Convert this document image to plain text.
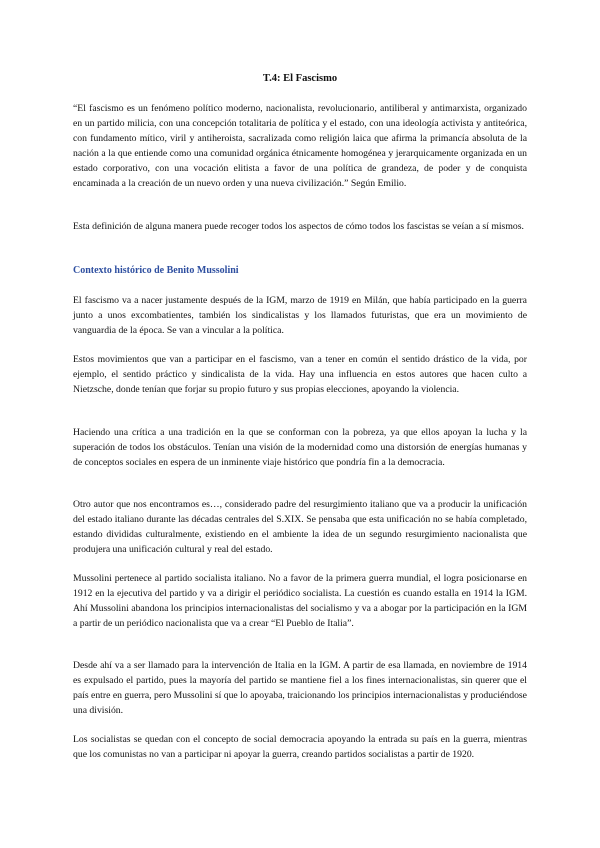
T.4: El Fascismo

“El fascismo es un fenómeno político moderno, nacionalista, revolucionario, antiliberal y antimarxista, organizado en un partido milicia, con una concepción totalitaria de política y el estado, con una ideología activista y antiteórica, con fundamento mítico, viril y antiheroista, sacralizada como religión laica que afirma la primancía absoluta de la nación a la que entiende como una comunidad orgánica étnicamente homogénea y jerarquicamente organizada en un estado corporativo, con una vocación elitista a favor de una política de grandeza, de poder y de conquista encaminada a la creación de un nuevo orden y una nueva civilización.” Según Emilio.

Esta definición de alguna manera puede recoger todos los aspectos de cómo todos los fascistas se veían a sí mismos.

Contexto histórico de Benito Mussolini

El fascismo va a nacer justamente después de la IGM, marzo de 1919 en Milán, que había participado en la guerra junto a unos excombatientes, también los sindicalistas y los llamados futuristas, que era un movimiento de vanguardia de la época. Se van a vincular a la política.

Estos movimientos que van a participar en el fascismo, van a tener en común el sentido drástico de la vida, por ejemplo, el sentido práctico y sindicalista de la vida. Hay una influencia en estos autores que hacen culto a Nietzsche, donde tenían que forjar su propio futuro y sus propias elecciones, apoyando la violencia.

Haciendo una crítica a una tradición en la que se conforman con la pobreza, ya que ellos apoyan la lucha y la superación de todos los obstáculos. Tenían una visión de la modernidad como una distorsión de energías humanas y de conceptos sociales en espera de un inminente viaje histórico que pondría fin a la democracia.

Otro autor que nos encontramos es…, considerado padre del resurgimiento italiano que va a producir la unificación del estado italiano durante las décadas centrales del S.XIX. Se pensaba que esta unificación no se había completado, estando divididas culturalmente, existiendo en el ambiente la idea de un segundo resurgimiento nacionalista que produjera una unificación cultural y real del estado.

Mussolini pertenece al partido socialista italiano. No a favor de la primera guerra mundial, el logra posicionarse en 1912 en la ejecutiva del partido y va a dirigir el periódico socialista. La cuestión es cuando estalla en 1914 la IGM. Ahí Mussolini abandona los principios internacionalistas del socialismo y va a abogar por la participación en la IGM a partir de un periódico nacionalista que va a crear “El Pueblo de Italia”.

Desde ahí va a ser llamado para la intervención de Italia en la IGM. A partir de esa llamada, en noviembre de 1914 es expulsado el partido, pues la mayoría del partido se mantiene fiel a los fines internacionalistas, sin querer que el país entre en guerra, pero Mussolini sí que lo apoyaba, traicionando los principios internacionalistas y produciéndose una división.

Los socialistas se quedan con el concepto de social democracia apoyando la entrada su país en la guerra, mientras que los comunistas no van a participar ni apoyar la guerra, creando partidos socialistas a partir de 1920.
